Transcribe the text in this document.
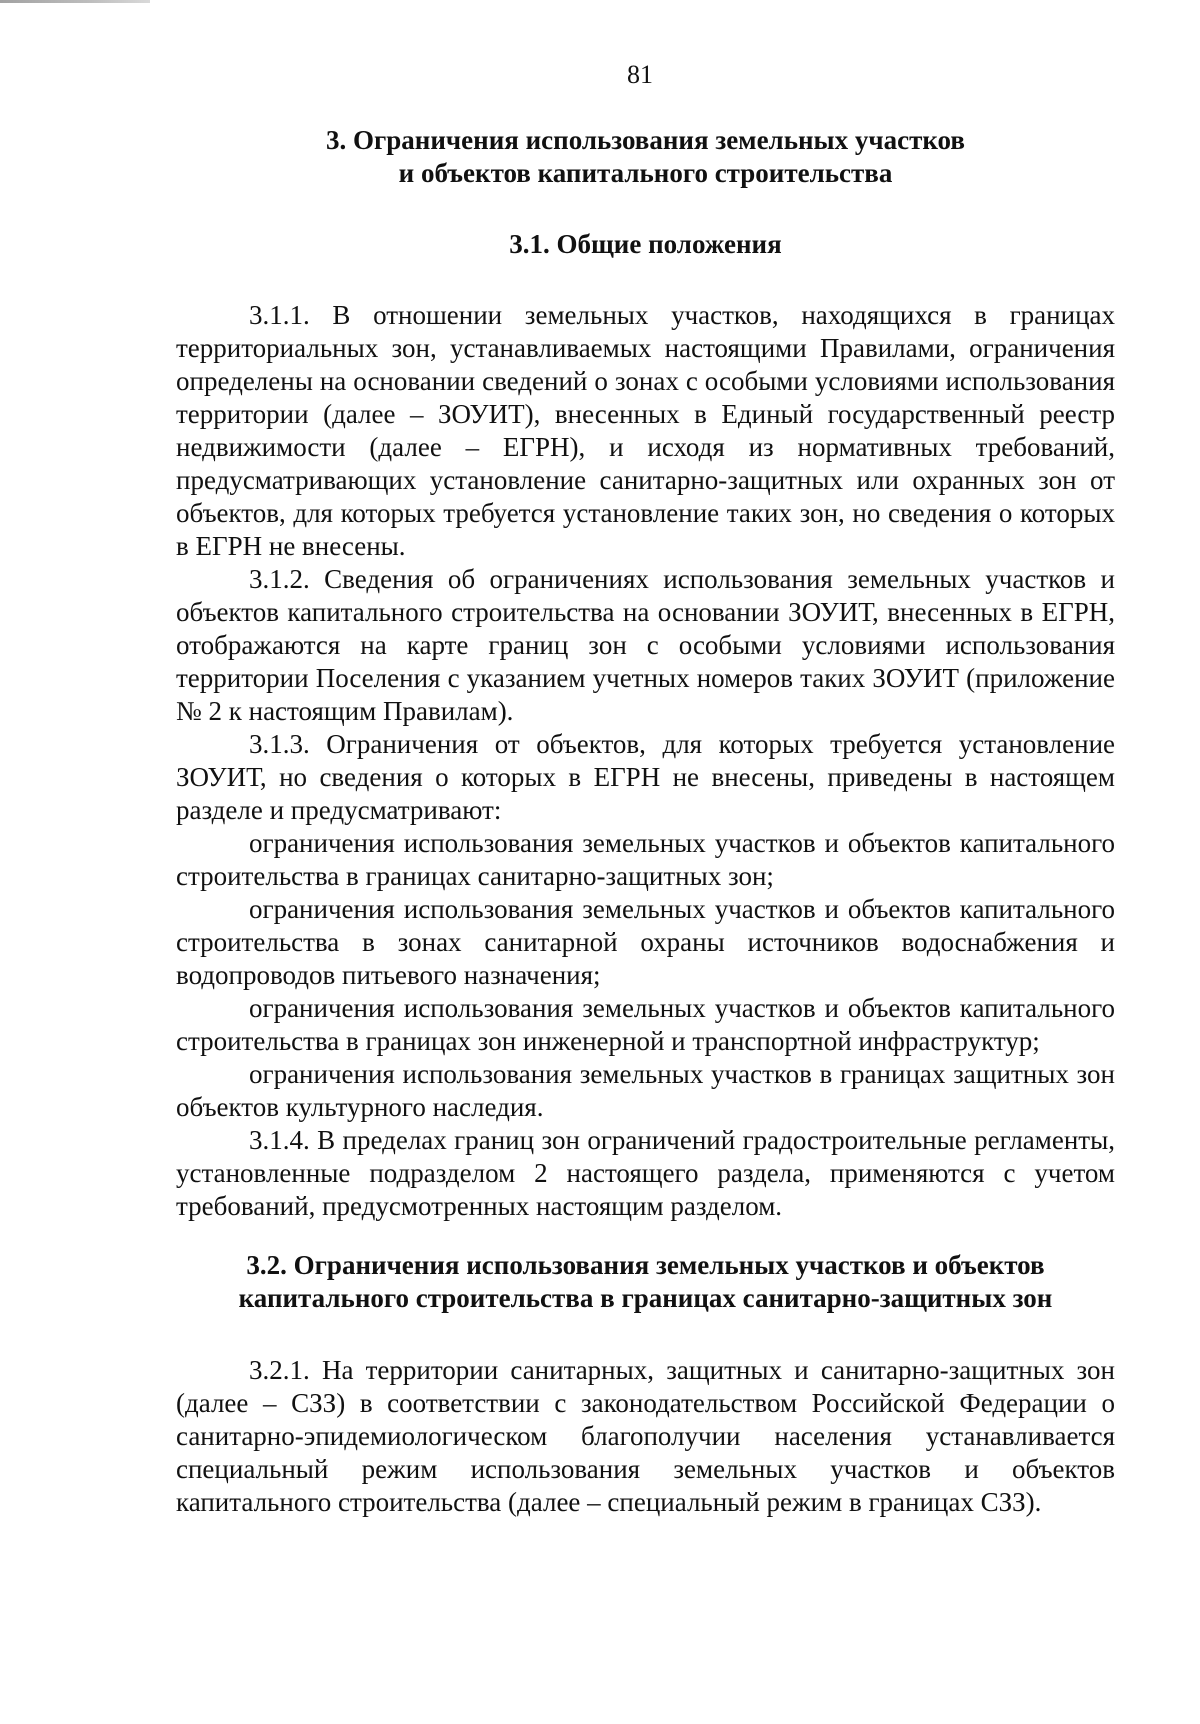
81
3. Ограничения использования земельных участков
и объектов капитального строительства
3.1. Общие положения

3.1.1. В отношении земельных участков, находящихся в границах территориальных зон, устанавливаемых настоящими Правилами, ограничения определены на основании сведений о зонах с особыми условиями использования территории (далее – ЗОУИТ), внесенных в Единый государственный реестр недвижимости (далее – ЕГРН), и исходя из нормативных требований, предусматривающих установление санитарно-защитных или охранных зон от объектов, для которых требуется установление таких зон, но сведения о которых в ЕГРН не внесены.

3.1.2. Сведения об ограничениях использования земельных участков и объектов капитального строительства на основании ЗОУИТ, внесенных в ЕГРН, отображаются на карте границ зон с особыми условиями использования территории Поселения с указанием учетных номеров таких ЗОУИТ (приложение № 2 к настоящим Правилам).

3.1.3. Ограничения от объектов, для которых требуется установление ЗОУИТ, но сведения о которых в ЕГРН не внесены, приведены в настоящем разделе и предусматривают:

ограничения использования земельных участков и объектов капитального строительства в границах санитарно-защитных зон;

ограничения использования земельных участков и объектов капитального строительства в зонах санитарной охраны источников водоснабжения и водопроводов питьевого назначения;

ограничения использования земельных участков и объектов капитального строительства в границах зон инженерной и транспортной инфраструктур;

ограничения использования земельных участков в границах защитных зон объектов культурного наследия.

3.1.4. В пределах границ зон ограничений градостроительные регламенты, установленные подразделом 2 настоящего раздела, применяются с учетом требований, предусмотренных настоящим разделом.

3.2. Ограничения использования земельных участков и объектов
капитального строительства в границах санитарно-защитных зон

3.2.1. На территории санитарных, защитных и санитарно-защитных зон (далее – СЗЗ) в соответствии с законодательством Российской Федерации о санитарно-эпидемиологическом благополучии населения устанавливается специальный режим использования земельных участков и объектов капитального строительства (далее – специальный режим в границах СЗЗ).
